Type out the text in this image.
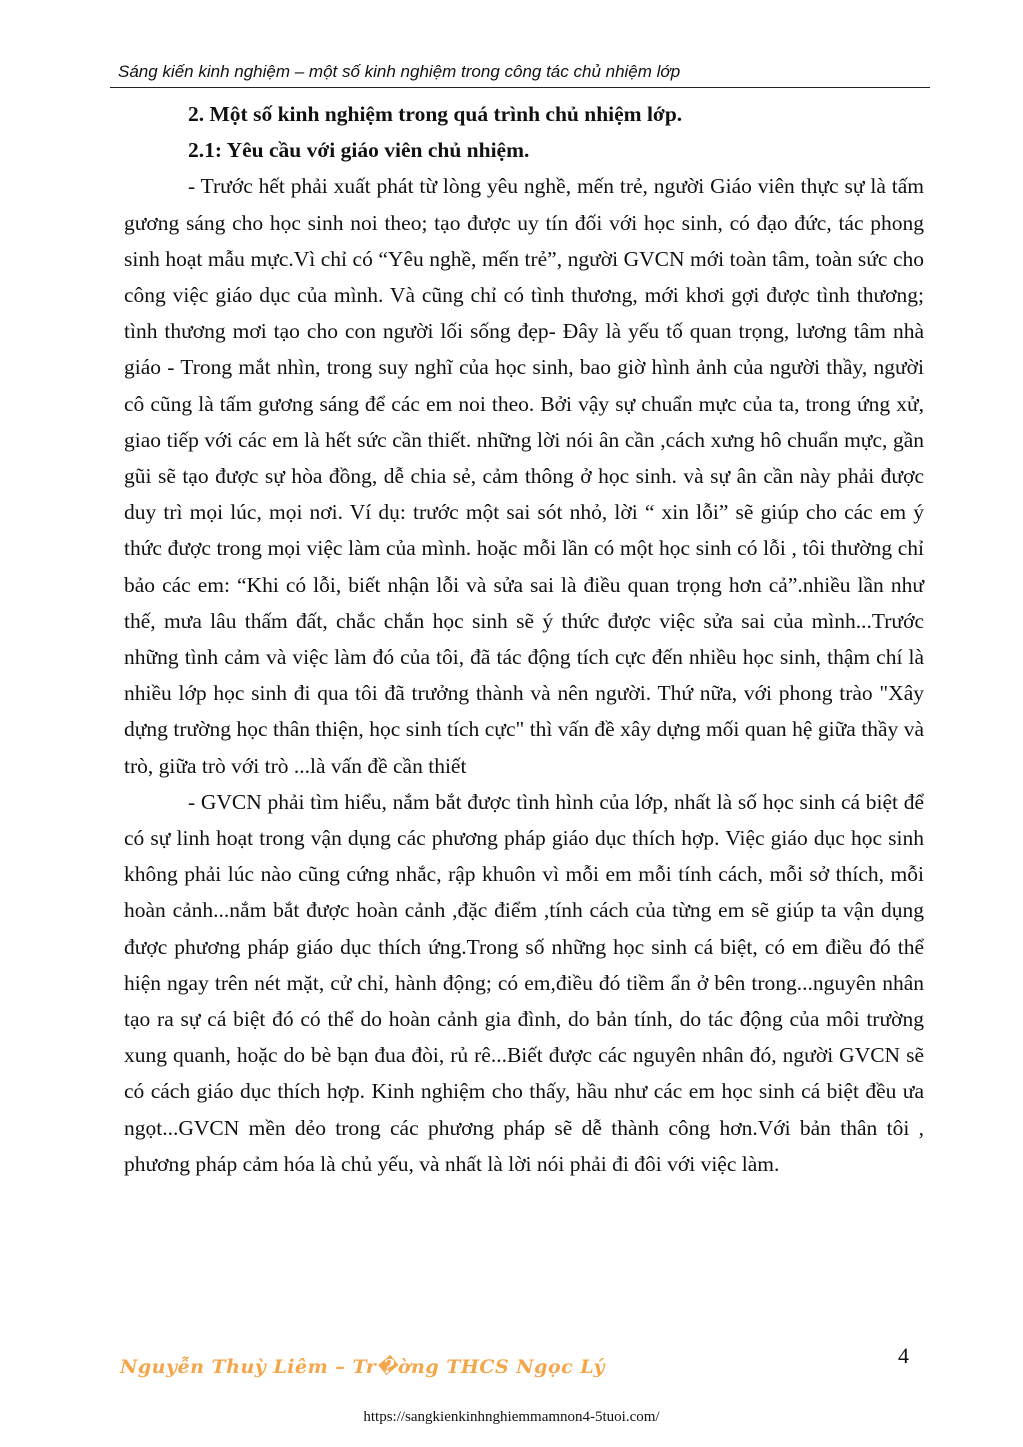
Sáng kiến kinh nghiệm – một số kinh nghiệm trong công tác chủ nhiệm lớp

2. Một số kinh nghiệm trong quá trình chủ nhiệm lớp.

2.1: Yêu cầu với giáo viên chủ nhiệm.

- Trước hết phải xuất phát từ lòng yêu nghề, mến trẻ, người Giáo viên thực sự là tấm gương sáng cho học sinh noi theo; tạo được uy tín đối với học sinh, có đạo đức, tác phong sinh hoạt mẫu mực.Vì chỉ có “Yêu nghề, mến trẻ”, người GVCN mới toàn tâm, toàn sức cho công việc giáo dục của mình. Và cũng chỉ có tình thương, mới khơi gợi được tình thương; tình thương mơi tạo cho con người lối sống đẹp- Đây là yếu tố quan trọng, lương tâm nhà giáo - Trong mắt nhìn, trong suy nghĩ của học sinh, bao giờ hình ảnh của người thầy, người cô cũng là tấm gương sáng để các em noi theo. Bởi vậy sự chuẩn mực của ta, trong ứng xử, giao tiếp với các em là hết sức cần thiết. những lời nói ân cần ,cách xưng hô chuẩn mực, gần gũi sẽ tạo được sự hòa đồng, dễ chia sẻ, cảm thông ở học sinh. và sự ân cần này phải được duy trì mọi lúc, mọi nơi. Ví dụ: trước một sai sót nhỏ, lời “ xin lỗi” sẽ giúp cho các em ý thức được trong mọi việc làm của mình. hoặc mỗi lần có một học sinh có lỗi , tôi thường chỉ bảo các em: “Khi có lỗi, biết nhận lỗi và sửa sai là điều quan trọng hơn cả”.nhiều lần như thế, mưa lâu thấm đất, chắc chắn học sinh sẽ ý thức được việc sửa sai của mình...Trước những tình cảm và việc làm đó của tôi, đã tác động tích cực đến nhiều học sinh, thậm chí là nhiều lớp học sinh đi qua tôi đã trưởng thành và nên người. Thứ nữa, với phong trào "Xây dựng trường học thân thiện, học sinh tích cực" thì vấn đề xây dựng mối quan hệ giữa thầy và trò, giữa trò với trò ...là vấn đề cần thiết

- GVCN phải tìm hiểu, nắm bắt được tình hình của lớp, nhất là số học sinh cá biệt để có sự linh hoạt trong vận dụng các phương pháp giáo dục thích hợp. Việc giáo dục học sinh không phải lúc nào cũng cứng nhắc, rập khuôn vì mỗi em mỗi tính cách, mỗi sở thích, mỗi hoàn cảnh...nắm bắt được hoàn cảnh ,đặc điểm ,tính cách của từng em sẽ giúp ta vận dụng được phương pháp giáo dục thích ứng.Trong số những học sinh cá biệt, có em điều đó thể hiện ngay trên nét mặt, cử chỉ, hành động; có em,điều đó tiềm ẩn ở bên trong...nguyên nhân tạo ra sự cá biệt đó có thể do hoàn cảnh gia đình, do bản tính, do tác động của môi trường xung quanh, hoặc do bè bạn đua đòi, rủ rê...Biết được các nguyên nhân đó, người GVCN sẽ có cách giáo dục thích hợp. Kinh nghiệm cho thấy, hầu như các em học sinh cá biệt đều ưa ngọt...GVCN mền dẻo trong các phương pháp sẽ dễ thành công hơn.Với bản thân tôi , phương pháp cảm hóa là chủ yếu, và nhất là lời nói phải đi đôi với việc làm.

4
Nguyễn Thuỳ Liêm – Tr�ờng THCS Ngọc Lý
https://sangkienkinhnghiemmamnon4-5tuoi.com/
